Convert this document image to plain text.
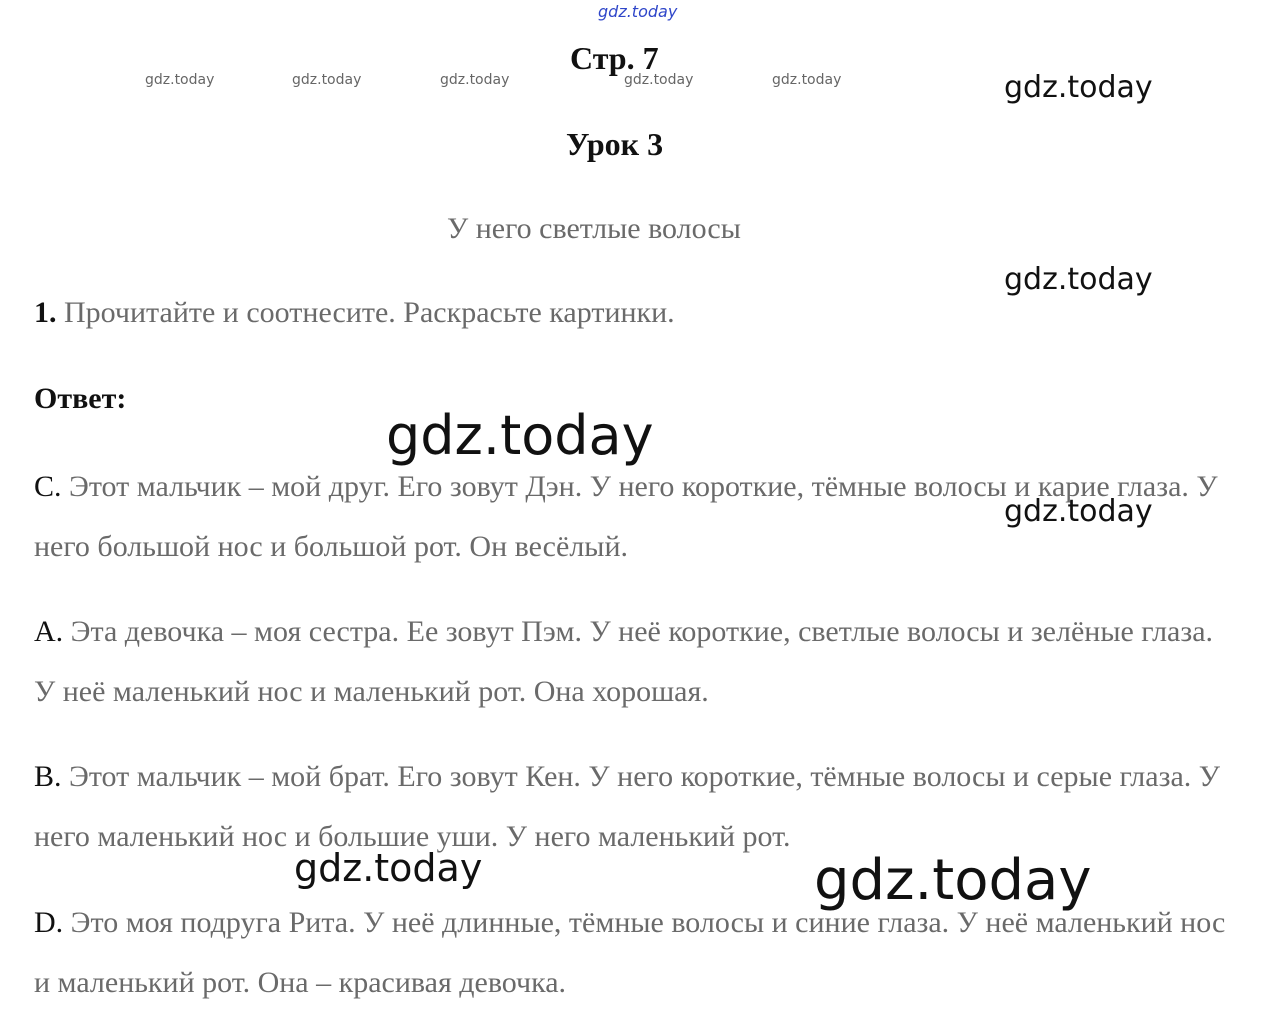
gdz.today
Стр. 7
gdz.today	gdz.today	gdz.today	gdz.today	gdz.today	gdz.today
Урок 3
У него светлые волосы
gdz.today
1. Прочитайте и соотнесите. Раскрасьте картинки.
Ответ:
gdz.today
C. Этот мальчик – мой друг. Его зовут Дэн. У него короткие, тёмные волосы и карие глаза. У него большой нос и большой рот. Он весёлый.
gdz.today
A. Эта девочка – моя сестра. Ее зовут Пэм. У неё короткие, светлые волосы и зелёные глаза. У неё маленький нос и маленький рот. Она хорошая.
B. Этот мальчик – мой брат. Его зовут Кен. У него короткие, тёмные волосы и серые глаза. У него маленький нос и большие уши. У него маленький рот.
gdz.today	gdz.today
D. Это моя подруга Рита. У неё длинные, тёмные волосы и синие глаза. У неё маленький нос и маленький рот. Она – красивая девочка.
